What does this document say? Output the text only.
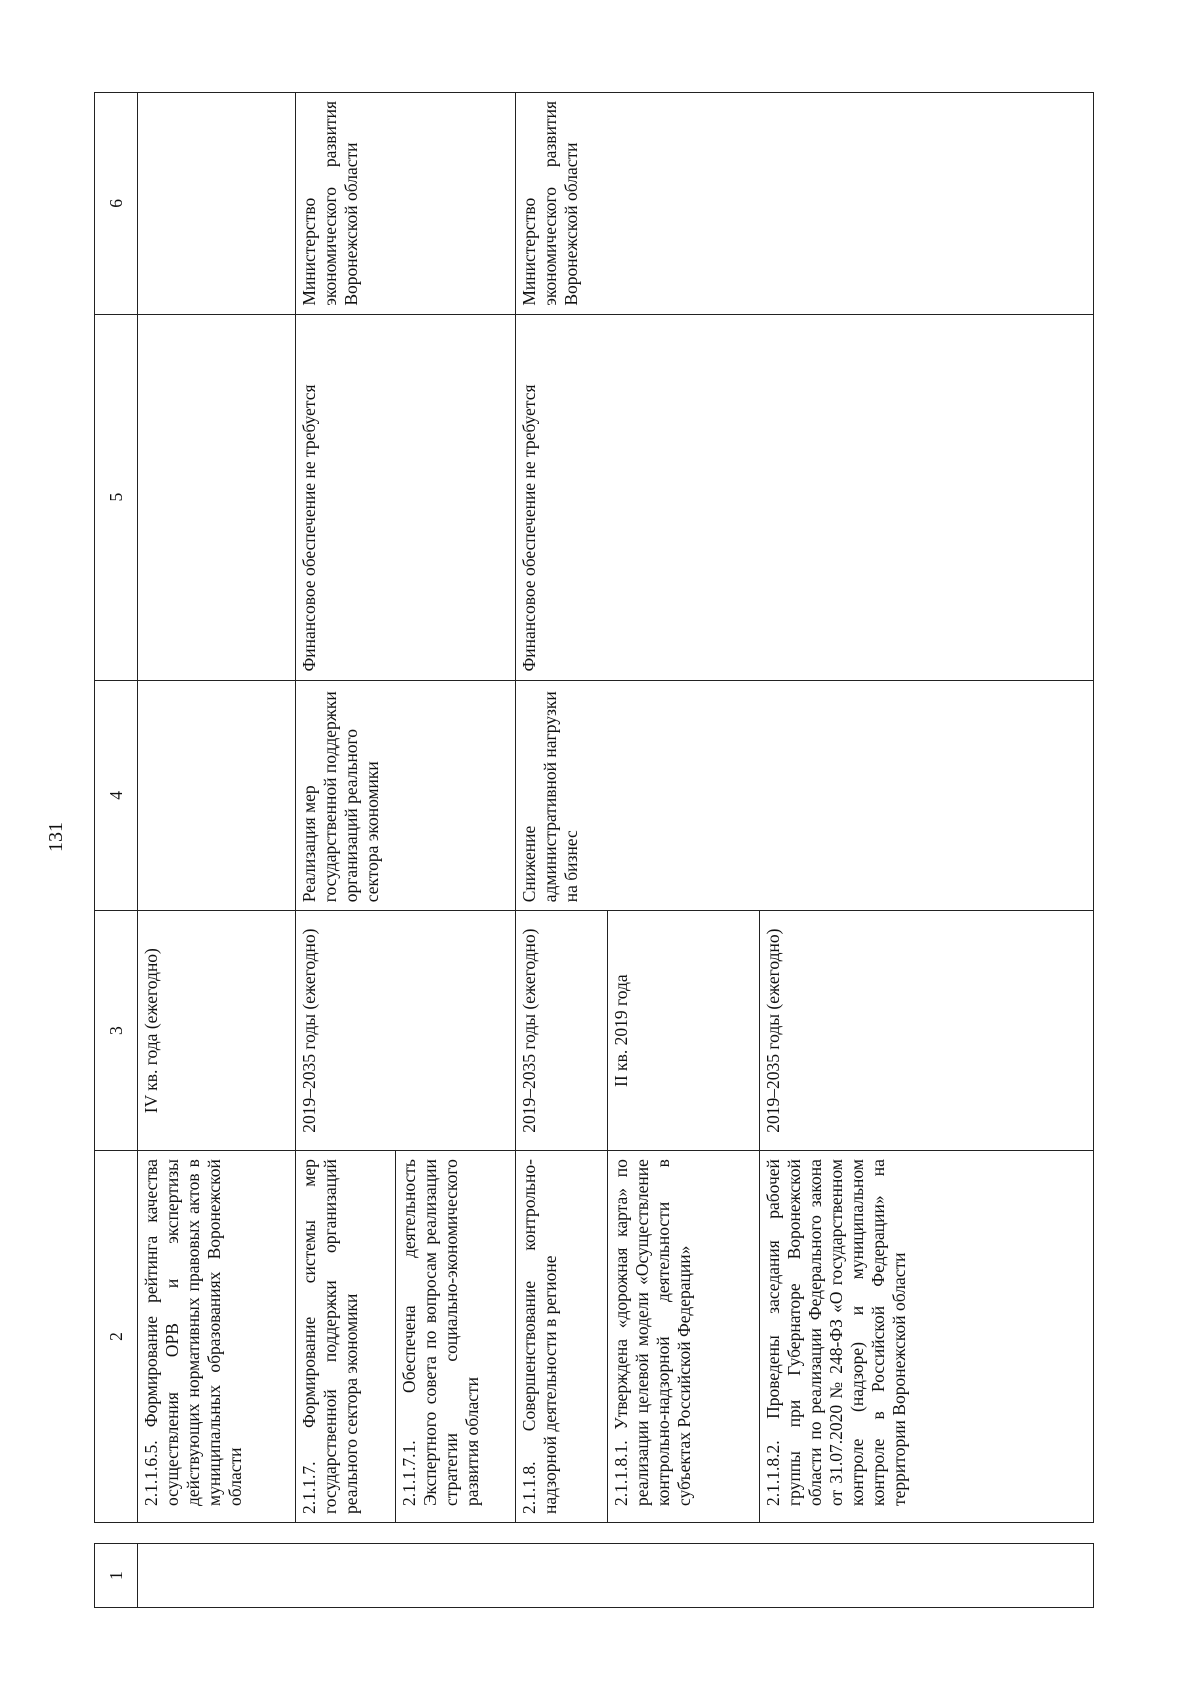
131
1		2	3	4	5	6
		2.1.1.6.5. Формирование рейтинга качества осуществления ОРВ и экспертизы действующих нормативных правовых актов в муниципальных образованиях Воронежской области	IV кв. года (ежегодно)			
		2.1.1.7. Формирование системы мер государственной поддержки организаций реального сектора экономики	2019–2035 годы (ежегодно)	Реализация мер государственной поддержки организаций реального сектора экономики	Финансовое обеспечение не требуется	Министерство экономического развития Воронежской области
		2.1.1.7.1. Обеспечена деятельность Экспертного совета по вопросам реализации стратегии социально-экономического развития области				
		2.1.1.8. Совершенствование контрольно-надзорной деятельности в регионе	2019–2035 годы (ежегодно)	Снижение административной нагрузки на бизнес	Финансовое обеспечение не требуется	Министерство экономического развития Воронежской области
		2.1.1.8.1. Утверждена «дорожная карта» по реализации целевой модели «Осуществление контрольно-надзорной деятельности в субъектах Российской Федерации»	II кв. 2019 года			
		2.1.1.8.2. Проведены заседания рабочей группы при Губернаторе Воронежской области по реализации Федерального закона от 31.07.2020 № 248-ФЗ «О государственном контроле (надзоре) и муниципальном контроле в Российской Федерации» на территории Воронежской области	2019–2035 годы (ежегодно)			
